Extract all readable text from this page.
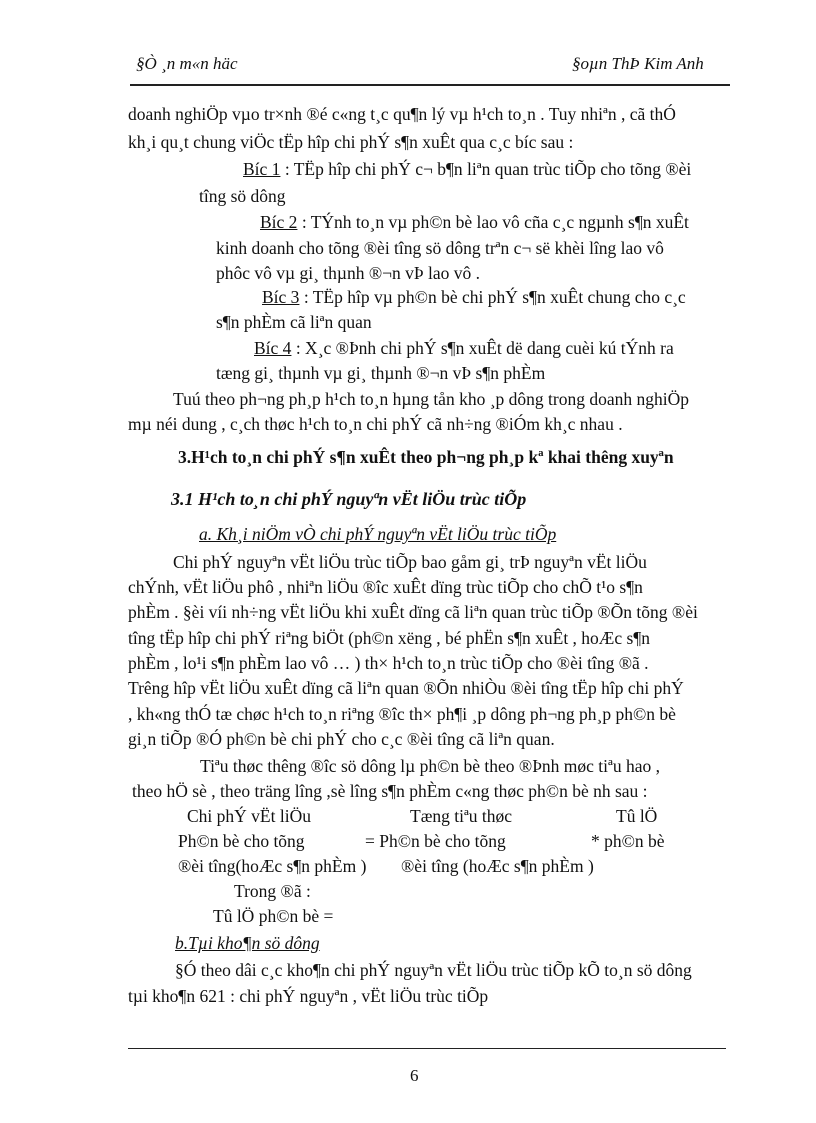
§Ò ¸n m«n häc	§oµn ThÞ Kim Anh
doanh nghiÖp vµo tr×nh ®é c«ng t¸c qu¶n lý vµ h¹ch to¸n . Tuy nhiªn , cã thÓ
kh¸i qu¸t chung viÖc tËp hîp chi phÝ s¶n xuÊt qua c¸c bíc sau :
Bíc 1 : TËp hîp chi phÝ c¬ b¶n liªn quan trùc tiÕp cho tõng ®èi
tîng sö dông
Bíc 2 : TÝnh to¸n vµ ph©n bè lao vô cña c¸c ngµnh s¶n xuÊt
kinh doanh cho tõng ®èi tîng sö dông trªn c¬ së khèi lîng lao vô
phôc vô vµ gi¸ thµnh ®¬n vÞ lao vô .
Bíc 3 : TËp hîp vµ ph©n bè chi phÝ s¶n xuÊt chung cho c¸c
s¶n phÈm cã liªn quan
Bíc 4 : X¸c ®Þnh chi phÝ s¶n xuÊt dë dang cuèi kú tÝnh ra
tæng gi¸ thµnh vµ gi¸ thµnh ®¬n vÞ s¶n phÈm
Tuú theo ph¬ng ph¸p h¹ch to¸n hµng tån kho ¸p dông trong doanh nghiÖp
mµ néi dung , c¸ch thøc h¹ch to¸n chi phÝ cã nh÷ng ®iÓm kh¸c nhau .
3.H¹ch to¸n chi phÝ s¶n xuÊt theo ph¬ng ph¸p kª khai thêng xuyªn
3.1 H¹ch to¸n chi phÝ nguyªn vËt liÖu trùc tiÕp
a. Kh¸i niÖm vÒ chi phÝ nguyªn vËt liÖu trùc tiÕp
Chi phÝ nguyªn vËt liÖu trùc tiÕp bao gåm gi¸ trÞ nguyªn vËt liÖu
chÝnh, vËt liÖu phô , nhiªn liÖu ®îc xuÊt dïng trùc tiÕp cho chÕ t¹o s¶n
phÈm . §èi víi nh÷ng vËt liÖu khi xuÊt dïng cã liªn quan trùc tiÕp ®Õn tõng ®èi
tîng tËp hîp chi phÝ riªng biÖt (ph©n xëng , bé phËn s¶n xuÊt , hoÆc s¶n
phÈm , lo¹i s¶n phÈm lao vô … ) th× h¹ch to¸n trùc tiÕp cho ®èi tîng ®ã .
Trêng hîp vËt liÖu xuÊt dïng cã liªn quan ®Õn nhiÒu ®èi tîng tËp hîp chi phÝ
, kh«ng thÓ tæ chøc h¹ch to¸n riªng ®îc th× ph¶i ¸p dông ph¬ng ph¸p ph©n bè
gi¸n tiÕp ®Ó ph©n bè chi phÝ cho c¸c ®èi tîng cã liªn quan.
Tiªu thøc thêng ®îc sö dông lµ ph©n bè theo ®Þnh møc tiªu hao ,
theo hÖ sè , theo träng lîng ,sè lîng s¶n phÈm c«ng thøc ph©n bè nh sau :
Chi phÝ vËt liÖu	Tæng tiªu thøc	Tû lÖ
Ph©n bè cho tõng	= Ph©n bè cho tõng	* ph©n bè
®èi tîng(hoÆc s¶n phÈm ) ®èi tîng (hoÆc s¶n phÈm )
Trong ®ã :
Tû lÖ ph©n bè =
b.Tµi kho¶n sö dông
§Ó theo dâi c¸c kho¶n chi phÝ nguyªn vËt liÖu trùc tiÕp kÕ to¸n sö dông
tµi kho¶n 621 : chi phÝ nguyªn , vËt liÖu trùc tiÕp
6
